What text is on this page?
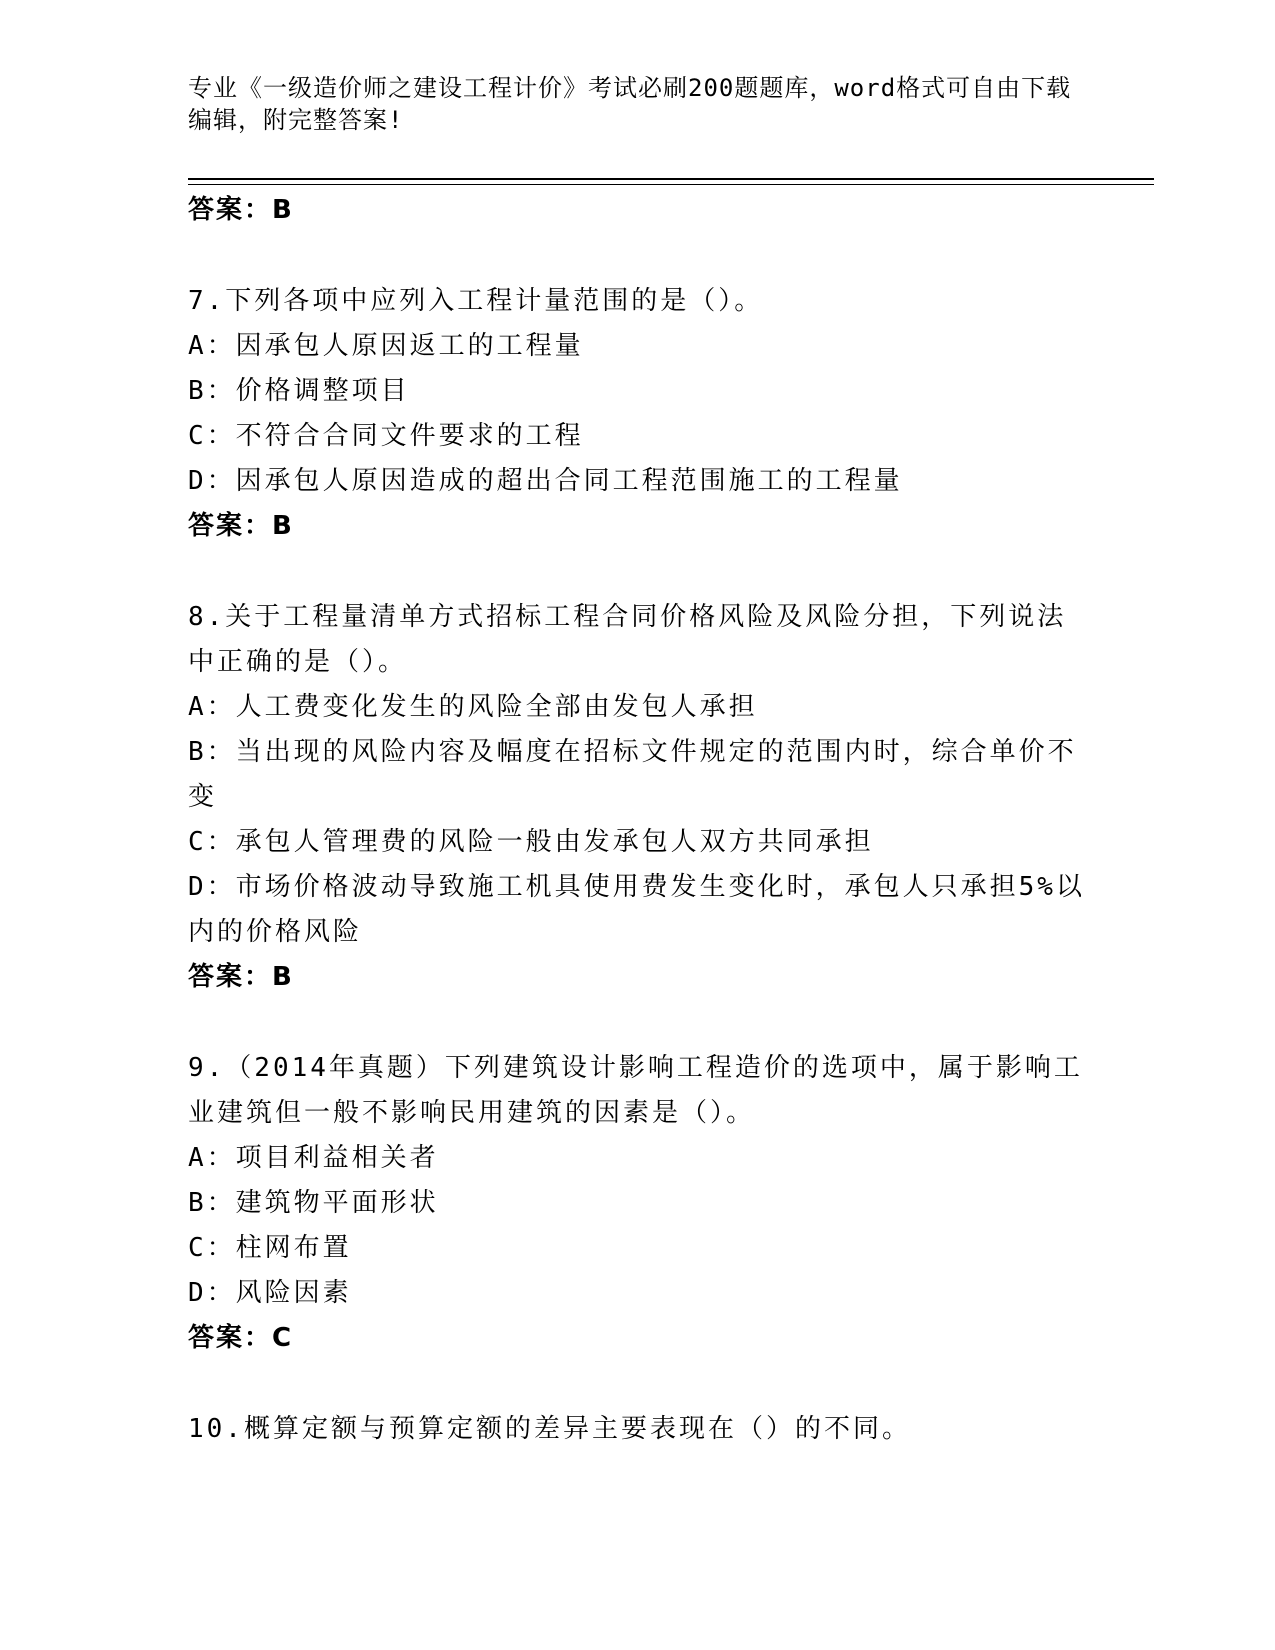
专业《一级造价师之建设工程计价》考试必刷200题题库，word格式可自由下载
编辑，附完整答案!
答案：B
7.下列各项中应列入工程计量范围的是（）。
A：因承包人原因返工的工程量
B：价格调整项目
C：不符合合同文件要求的工程
D：因承包人原因造成的超出合同工程范围施工的工程量
答案：B
8.关于工程量清单方式招标工程合同价格风险及风险分担，下列说法
中正确的是（）。
A：人工费变化发生的风险全部由发包人承担
B：当出现的风险内容及幅度在招标文件规定的范围内时，综合单价不
变
C：承包人管理费的风险一般由发承包人双方共同承担
D：市场价格波动导致施工机具使用费发生变化时，承包人只承担5%以
内的价格风险
答案：B
9.（2014年真题）下列建筑设计影响工程造价的选项中，属于影响工
业建筑但一般不影响民用建筑的因素是（）。
A：项目利益相关者
B：建筑物平面形状
C：柱网布置
D：风险因素
答案：C
10.概算定额与预算定额的差异主要表现在（）的不同。
